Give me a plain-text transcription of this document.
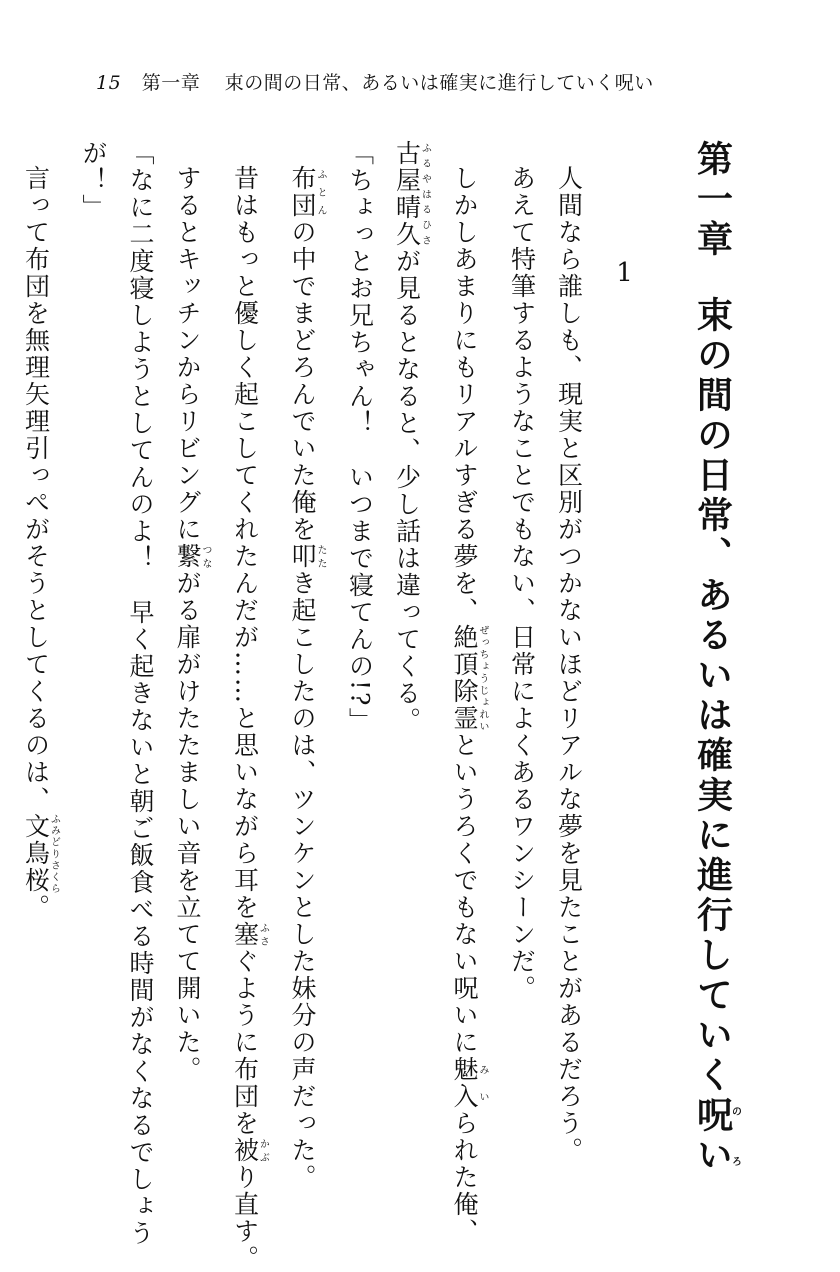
15 第一章 束の間の日常、あるいは確実に進行していく呪い
第一章束の間の日常、あるいは確実に進行していく呪いのろ
1
人間なら誰しも、現実と区別がつかないほどリアルな夢を見たことがあるだろう。
あえて特筆するようなことでもない、日常によくあるワンシーンだ。
しかしあまりにもリアルすぎる夢を、絶頂除霊ぜっちょうじょれいというろくでもない呪いに魅入みいられた俺、
古屋晴久ふるやはるひさが見るとなると、少し話は違ってくる。
「ちょっとお兄ちゃん！　いつまで寝てんの!?」
布団ふとんの中でまどろんでいた俺を叩たたき起こしたのは、ツンケンとした妹分の声だった。
昔はもっと優しく起こしてくれたんだが……と思いながら耳を塞ふさぐように布団を被かぶり直す。
するとキッチンからリビングに繋つながる扉がけたたましい音を立てて開いた。
「なに二度寝しようとしてんのよ！　早く起きないと朝ご飯食べる時間がなくなるでしょう
が！」
言って布団を無理矢理引っぺがそうとしてくるのは、文鳥桜ふみどりさくら。
